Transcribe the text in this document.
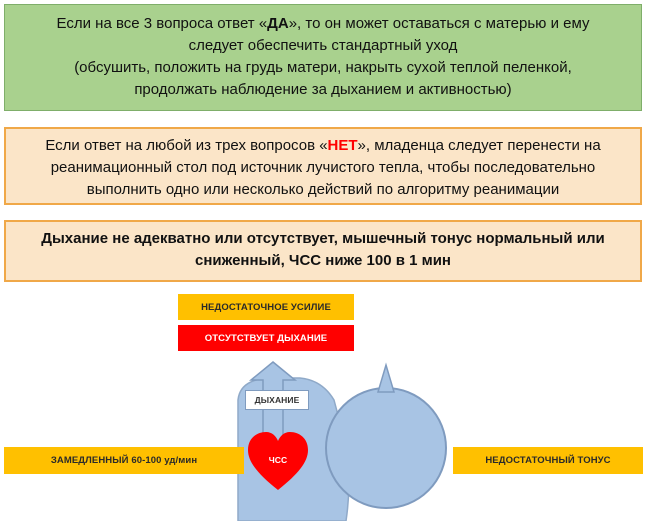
Если на все 3 вопроса ответ «ДА», то он может оставаться с матерью и ему
следует обеспечить стандартный уход
(обсушить, положить на грудь матери, накрыть сухой теплой пеленкой,
продолжать наблюдение за дыханием и активностью)
Если ответ на любой из трех вопросов «НЕТ», младенца следует перенести на
реанимационный стол под источник лучистого тепла, чтобы последовательно
выполнить одно или несколько действий по алгоритму реанимации
Дыхание не адекватно или отсутствует, мышечный тонус нормальный или
сниженный, ЧСС ниже 100 в 1 мин
НЕДОСТАТОЧНОЕ УСИЛИЕ
ОТСУТСТВУЕТ ДЫХАНИЕ
ДЫХАНИЕ
ЧСС
ЗАМЕДЛЕННЫЙ 60-100 уд/мин	НЕДОСТАТОЧНЫЙ ТОНУС
